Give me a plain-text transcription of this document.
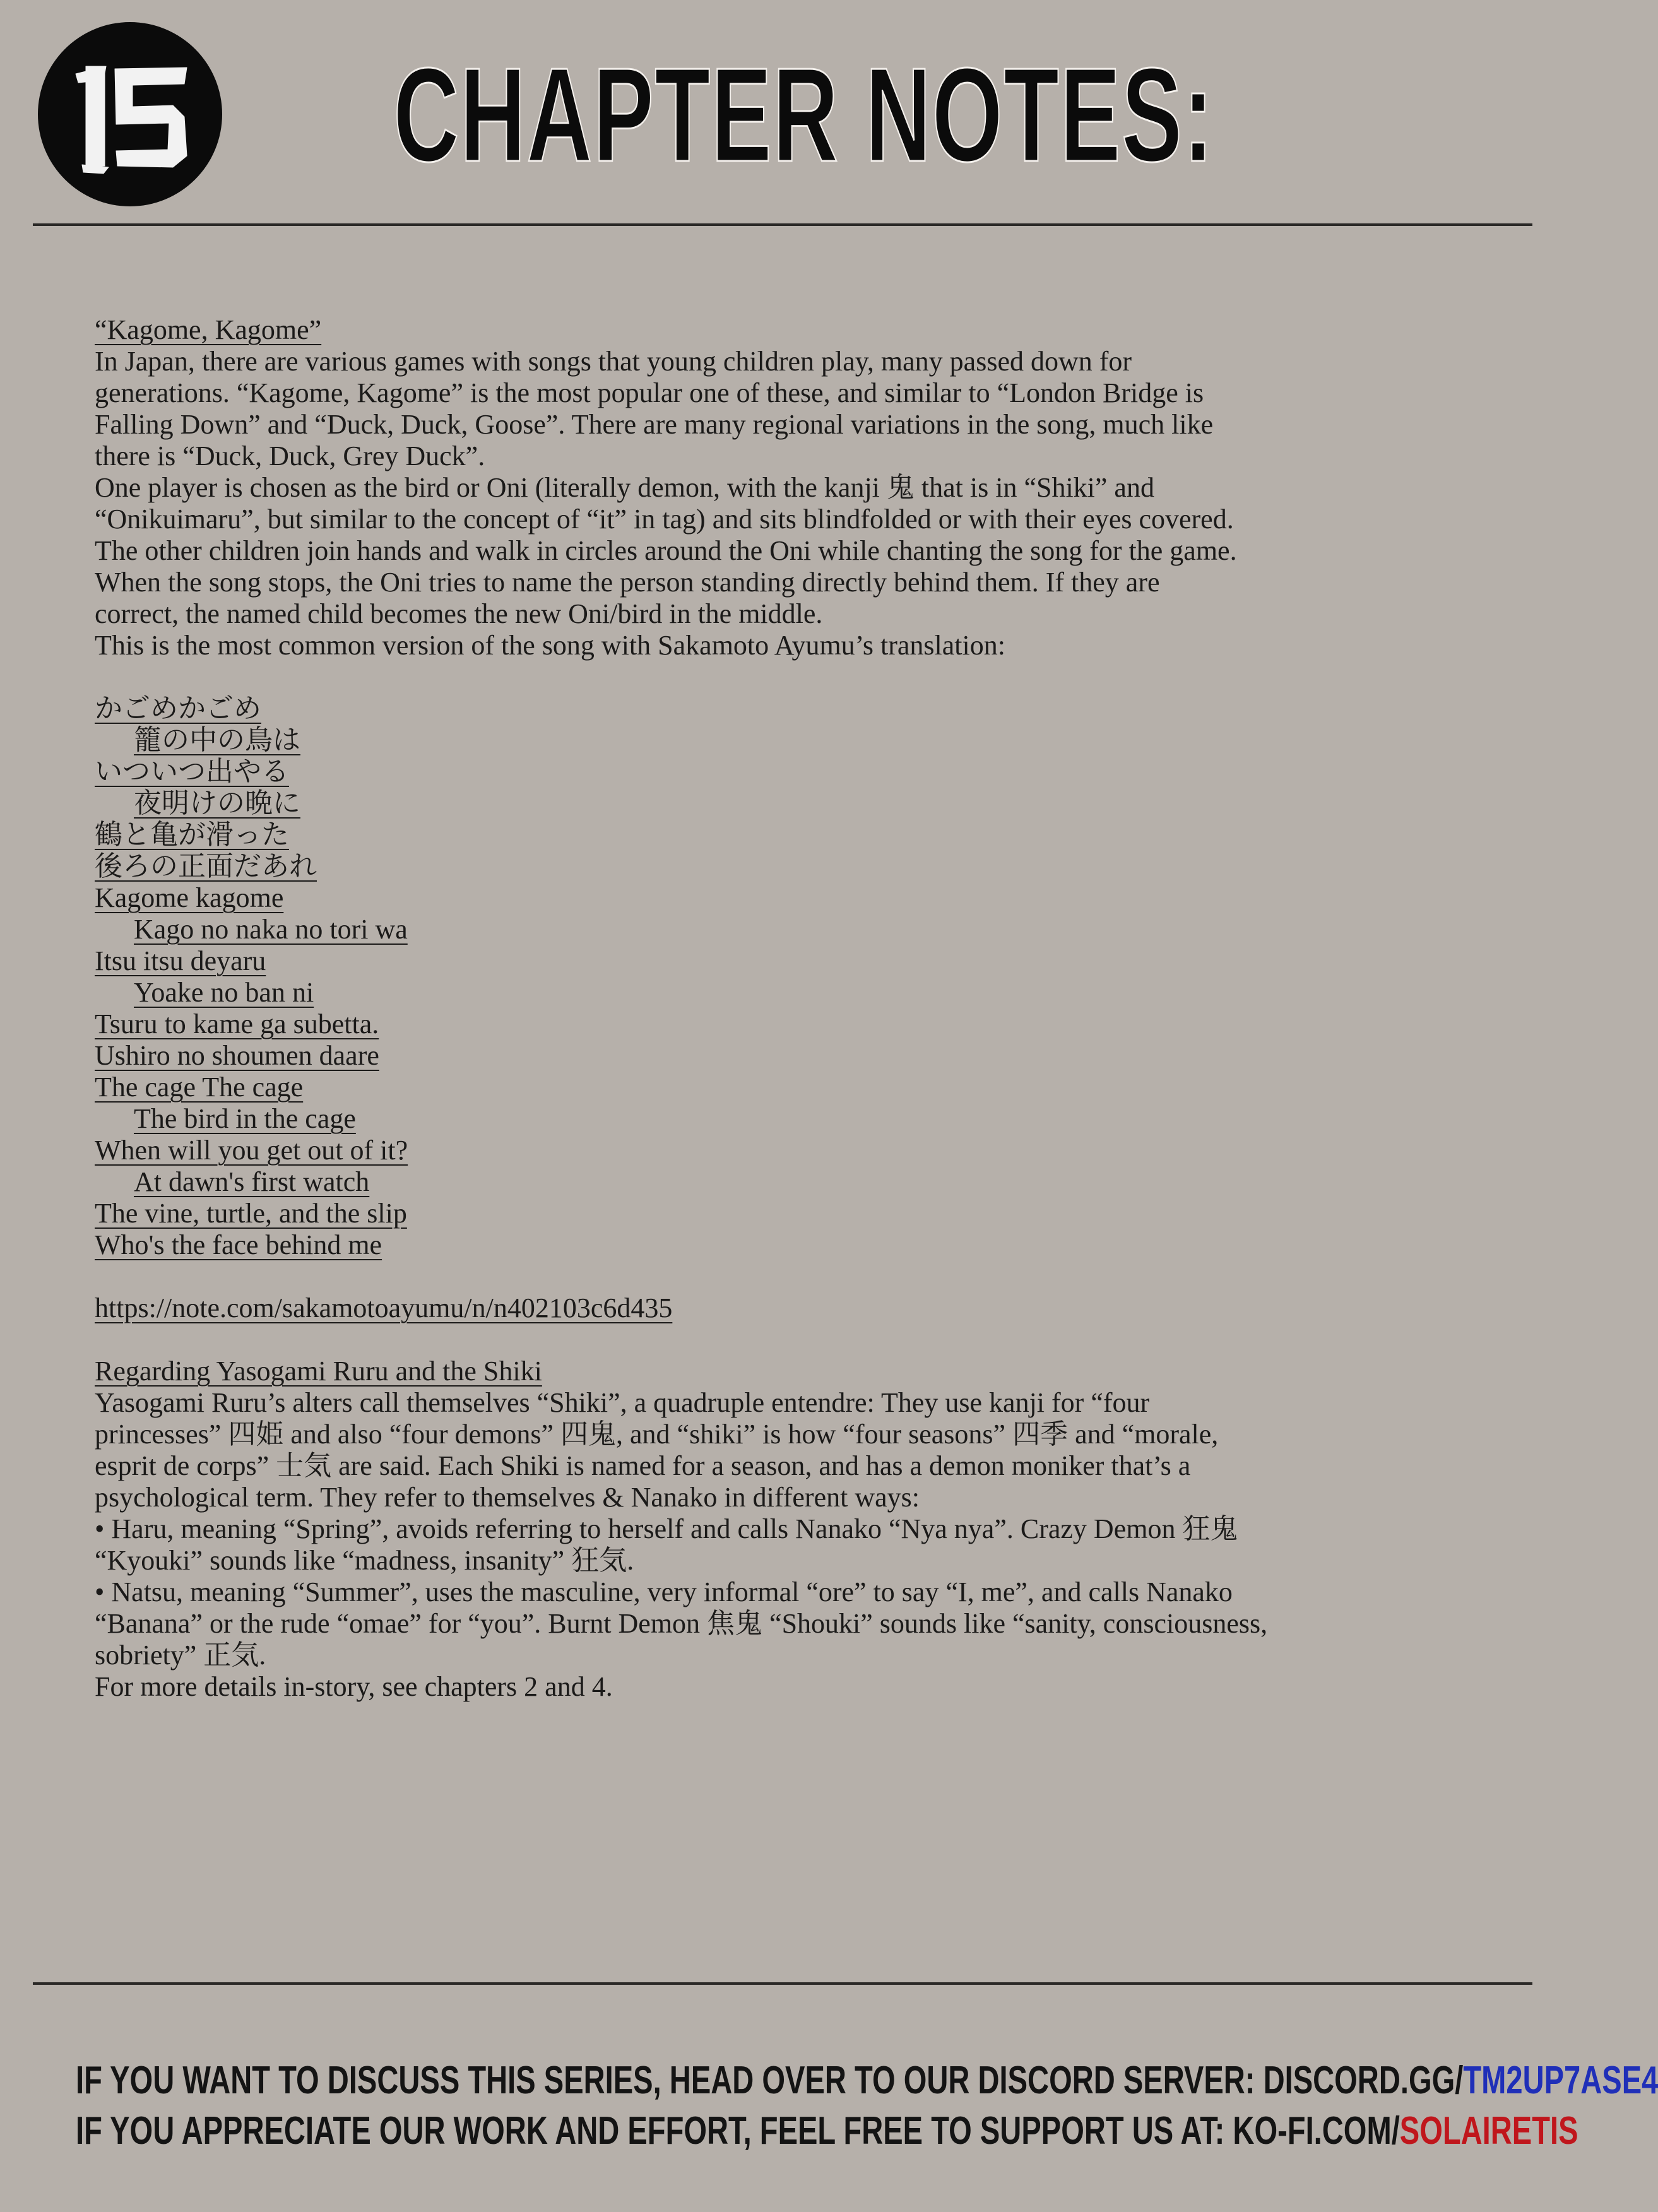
15
CHAPTER NOTES:
“Kagome, Kagome”
In Japan, there are various games with songs that young children play, many passed down for
generations. “Kagome, Kagome” is the most popular one of these, and similar to “London Bridge is
Falling Down” and “Duck, Duck, Goose”. There are many regional variations in the song, much like
there is “Duck, Duck, Grey Duck”.
One player is chosen as the bird or Oni (literally demon, with the kanji 鬼 that is in “Shiki” and
“Onikuimaru”, but similar to the concept of “it” in tag) and sits blindfolded or with their eyes covered.
The other children join hands and walk in circles around the Oni while chanting the song for the game.
When the song stops, the Oni tries to name the person standing directly behind them. If they are
correct, the named child becomes the new Oni/bird in the middle.
This is the most common version of the song with Sakamoto Ayumu’s translation:
かごめかごめ
籠の中の鳥は
いついつ出やる
夜明けの晩に
鶴と亀が滑った
後ろの正面だあれ
Kagome kagome
Kago no naka no tori wa
Itsu itsu deyaru
Yoake no ban ni
Tsuru to kame ga subetta.
Ushiro no shoumen daare
The cage The cage
The bird in the cage
When will you get out of it?
At dawn's first watch
The vine, turtle, and the slip
Who's the face behind me
https://note.com/sakamotoayumu/n/n402103c6d435
Regarding Yasogami Ruru and the Shiki
Yasogami Ruru’s alters call themselves “Shiki”, a quadruple entendre: They use kanji for “four
princesses” 四姫 and also “four demons” 四鬼, and “shiki” is how “four seasons” 四季 and “morale,
esprit de corps” 士気 are said. Each Shiki is named for a season, and has a demon moniker that’s a
psychological term. They refer to themselves & Nanako in different ways:
• Haru, meaning “Spring”, avoids referring to herself and calls Nanako “Nya nya”. Crazy Demon 狂鬼
“Kyouki” sounds like “madness, insanity” 狂気.
• Natsu, meaning “Summer”, uses the masculine, very informal “ore” to say “I, me”, and calls Nanako
“Banana” or the rude “omae” for “you”. Burnt Demon 焦鬼 “Shouki” sounds like “sanity, consciousness,
sobriety” 正気.
For more details in-story, see chapters 2 and 4.
IF YOU WANT TO DISCUSS THIS SERIES, HEAD OVER TO OUR DISCORD SERVER: DISCORD.GG/TM2UP7ASE4
IF YOU APPRECIATE OUR WORK AND EFFORT, FEEL FREE TO SUPPORT US AT: KO-FI.COM/SOLAIRETIS
